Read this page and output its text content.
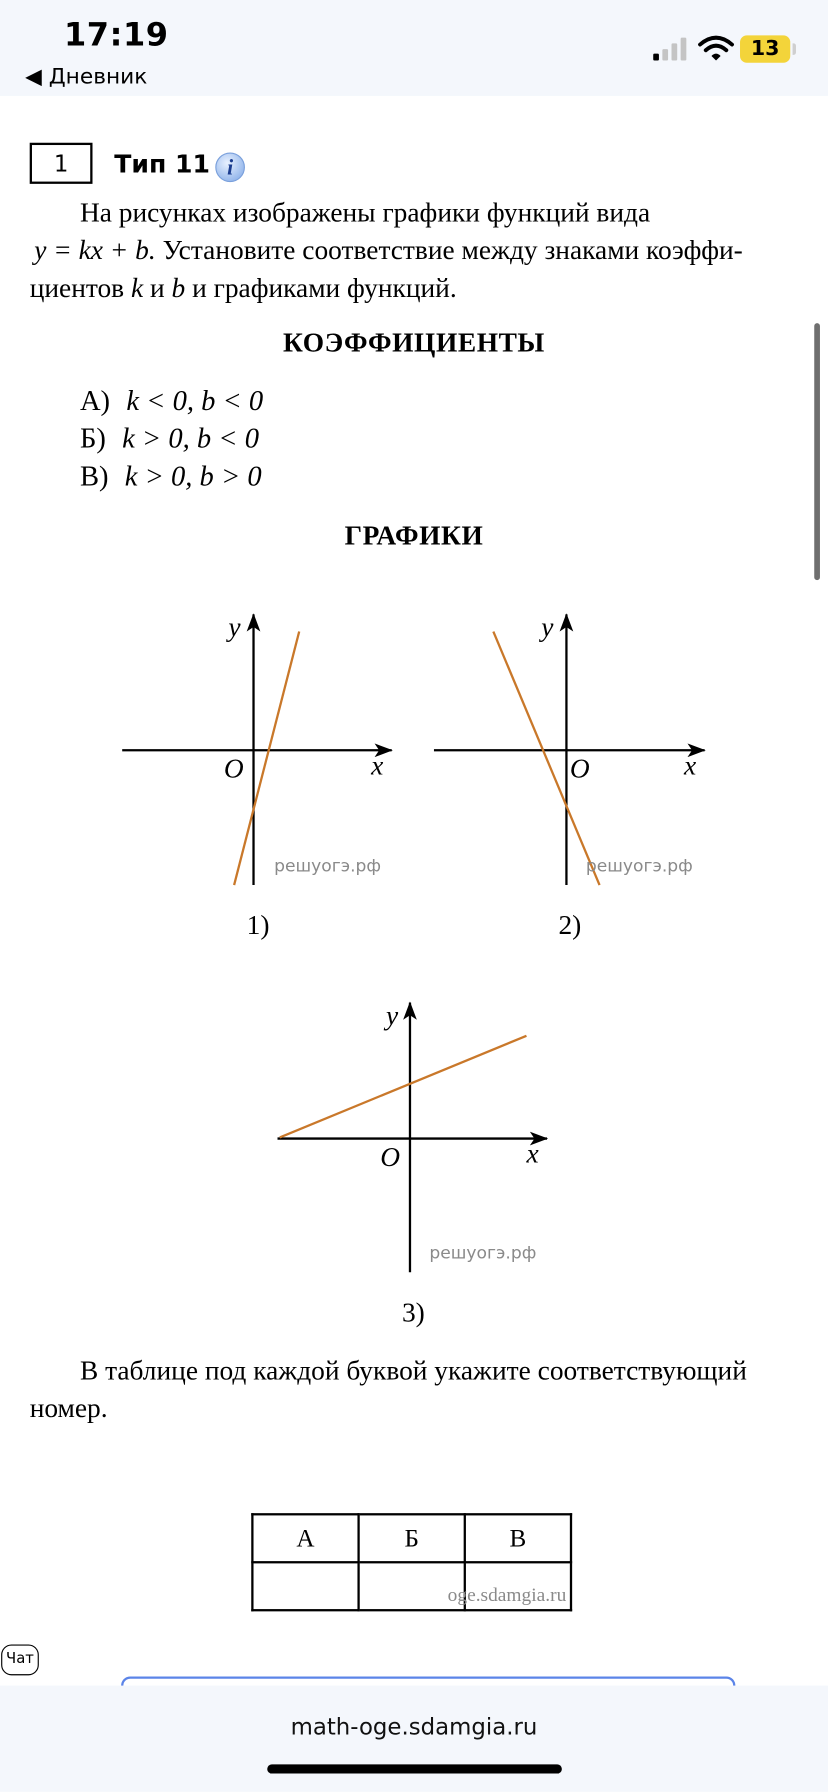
17:19
◀ Дневник
13
1	Тип 11 i
На рисунках изображены графики функций вида
y = kx + b. Установите соответствие между знаками коэффи-
циентов k и b и графиками функций.
КОЭФФИЦИЕНТЫ
А) k < 0, b < 0
Б) k > 0, b < 0
В) k > 0, b > 0
ГРАФИКИ
y
x
O
решуогэ.рф
1)
y
x
O
решуогэ.рф
2)
y
x
O
решуогэ.рф
3)
В таблице под каждой буквой укажите соответствующий
номер.
А	Б	В

oge.sdamgia.ru
Чат
math-oge.sdamgia.ru
